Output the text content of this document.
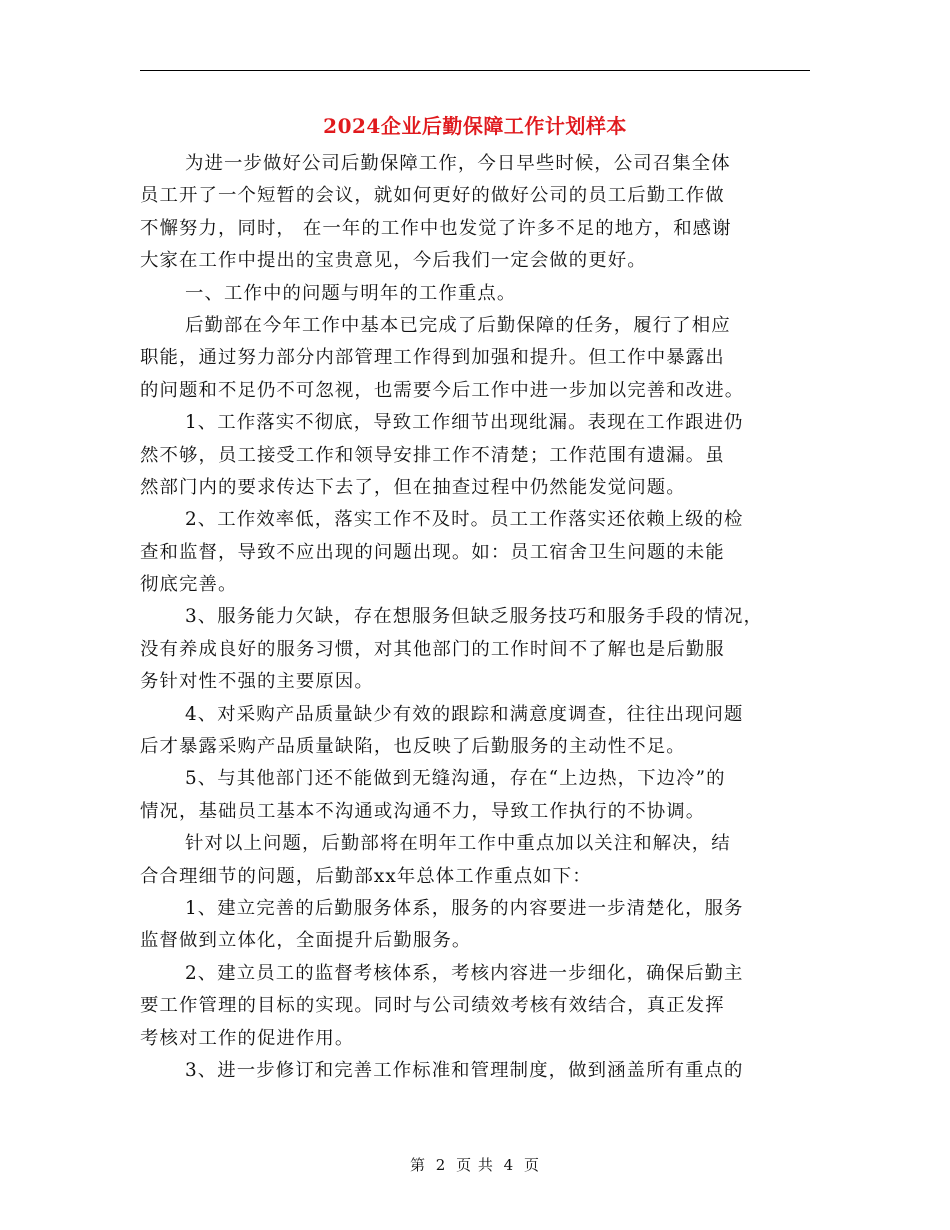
2024企业后勤保障工作计划样本
为进一步做好公司后勤保障工作，今日早些时候，公司召集全体
员工开了一个短暂的会议，就如何更好的做好公司的员工后勤工作做
不懈努力，同时， 在一年的工作中也发觉了许多不足的地方，和感谢
大家在工作中提出的宝贵意见，今后我们一定会做的更好。
一、工作中的问题与明年的工作重点。
后勤部在今年工作中基本已完成了后勤保障的任务，履行了相应
职能，通过努力部分内部管理工作得到加强和提升。但工作中暴露出
的问题和不足仍不可忽视，也需要今后工作中进一步加以完善和改进。
1、工作落实不彻底，导致工作细节出现纰漏。表现在工作跟进仍
然不够，员工接受工作和领导安排工作不清楚；工作范围有遗漏。虽
然部门内的要求传达下去了，但在抽查过程中仍然能发觉问题。
2、工作效率低，落实工作不及时。员工工作落实还依赖上级的检
查和监督，导致不应出现的问题出现。如：员工宿舍卫生问题的未能
彻底完善。
3、服务能力欠缺，存在想服务但缺乏服务技巧和服务手段的情况，
没有养成良好的服务习惯，对其他部门的工作时间不了解也是后勤服
务针对性不强的主要原因。
4、对采购产品质量缺少有效的跟踪和满意度调查，往往出现问题
后才暴露采购产品质量缺陷，也反映了后勤服务的主动性不足。
5、与其他部门还不能做到无缝沟通，存在“上边热，下边冷”的
情况，基础员工基本不沟通或沟通不力，导致工作执行的不协调。
针对以上问题，后勤部将在明年工作中重点加以关注和解决，结
合合理细节的问题，后勤部xx年总体工作重点如下：
1、建立完善的后勤服务体系，服务的内容要进一步清楚化，服务
监督做到立体化，全面提升后勤服务。
2、建立员工的监督考核体系，考核内容进一步细化，确保后勤主
要工作管理的目标的实现。同时与公司绩效考核有效结合，真正发挥
考核对工作的促进作用。
3、进一步修订和完善工作标准和管理制度，做到涵盖所有重点的
第 2 页 共 4 页
